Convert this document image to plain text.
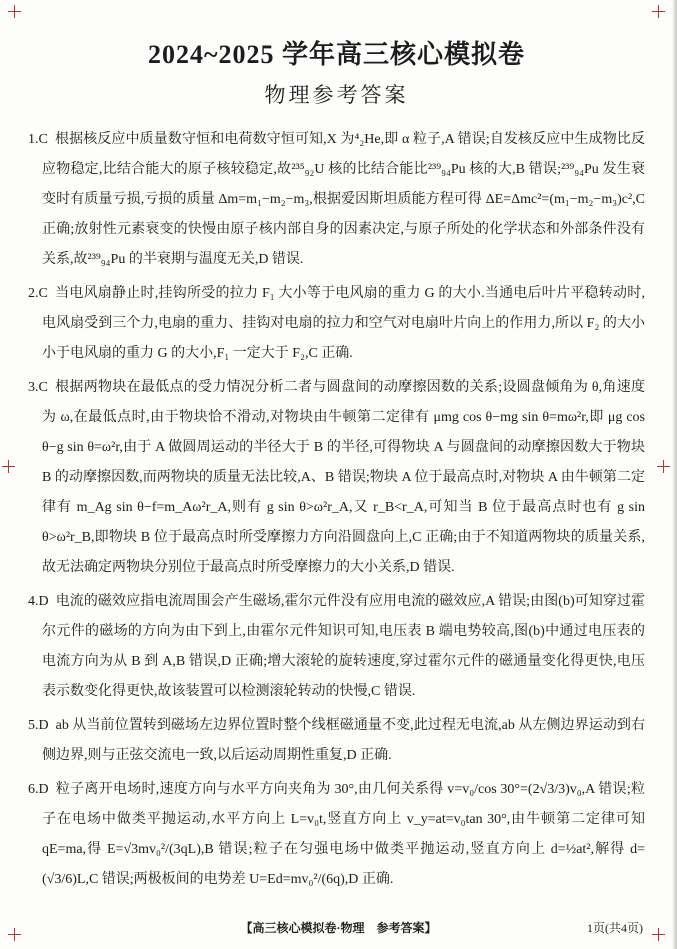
2024~2025 学年高三核心模拟卷
物理参考答案

1.C 根据核反应中质量数守恒和电荷数守恒可知,X 为⁴₂He,即 α 粒子,A 错误;自发核反应中生成物比反应物稳定,比结合能大的原子核较稳定,故²³⁵₉₂U 核的比结合能比²³⁹₉₄Pu 核的大,B 错误;²³⁹₉₄Pu 发生衰变时有质量亏损,亏损的质量 Δm=m₁−m₂−m₃,根据爱因斯坦质能方程可得 ΔE=Δmc²=(m₁−m₂−m₃)c²,C 正确;放射性元素衰变的快慢由原子核内部自身的因素决定,与原子所处的化学状态和外部条件没有关系,故²³⁹₉₄Pu 的半衰期与温度无关,D 错误.

2.C 当电风扇静止时,挂钩所受的拉力 F₁ 大小等于电风扇的重力 G 的大小.当通电后叶片平稳转动时,电风扇受到三个力,电扇的重力、挂钩对电扇的拉力和空气对电扇叶片向上的作用力,所以 F₂ 的大小小于电风扇的重力 G 的大小,F₁ 一定大于 F₂,C 正确.

3.C 根据两物块在最低点的受力情况分析二者与圆盘间的动摩擦因数的关系;设圆盘倾角为 θ,角速度为 ω,在最低点时,由于物块恰不滑动,对物块由牛顿第二定律有 μmg cos θ−mg sin θ=mω²r,即 μg cos θ−g sin θ=ω²r,由于 A 做圆周运动的半径大于 B 的半径,可得物块 A 与圆盘间的动摩擦因数大于物块 B 的动摩擦因数,而两物块的质量无法比较,A、B 错误;物块 A 位于最高点时,对物块 A 由牛顿第二定律有 m_Ag sin θ−f=m_Aω²r_A,则有 g sin θ>ω²r_A,又 r_B<r_A,可知当 B 位于最高点时也有 g sin θ>ω²r_B,即物块 B 位于最高点时所受摩擦力方向沿圆盘向上,C 正确;由于不知道两物块的质量关系,故无法确定两物块分别位于最高点时所受摩擦力的大小关系,D 错误.

4.D 电流的磁效应指电流周围会产生磁场,霍尔元件没有应用电流的磁效应,A 错误;由图(b)可知穿过霍尔元件的磁场的方向为由下到上,由霍尔元件知识可知,电压表 B 端电势较高,图(b)中通过电压表的电流方向为从 B 到 A,B 错误,D 正确;增大滚轮的旋转速度,穿过霍尔元件的磁通量变化得更快,电压表示数变化得更快,故该装置可以检测滚轮转动的快慢,C 错误.

5.D ab 从当前位置转到磁场左边界位置时整个线框磁通量不变,此过程无电流,ab 从左侧边界运动到右侧边界,则与正弦交流电一致,以后运动周期性重复,D 正确.

6.D 粒子离开电场时,速度方向与水平方向夹角为 30°,由几何关系得 v=v₀/cos 30°=(2√3/3)v₀,A 错误;粒子在电场中做类平抛运动,水平方向上 L=v₀t,竖直方向上 v_y=at=v₀tan 30°,由牛顿第二定律可知 qE=ma,得 E=√3mv₀²/(3qL),B 错误;粒子在匀强电场中做类平抛运动,竖直方向上 d=½at²,解得 d=(√3/6)L,C 错误;两极板间的电势差 U=Ed=mv₀²/(6q),D 正确.

【高三核心模拟卷·物理　参考答案】	1页(共4页)
